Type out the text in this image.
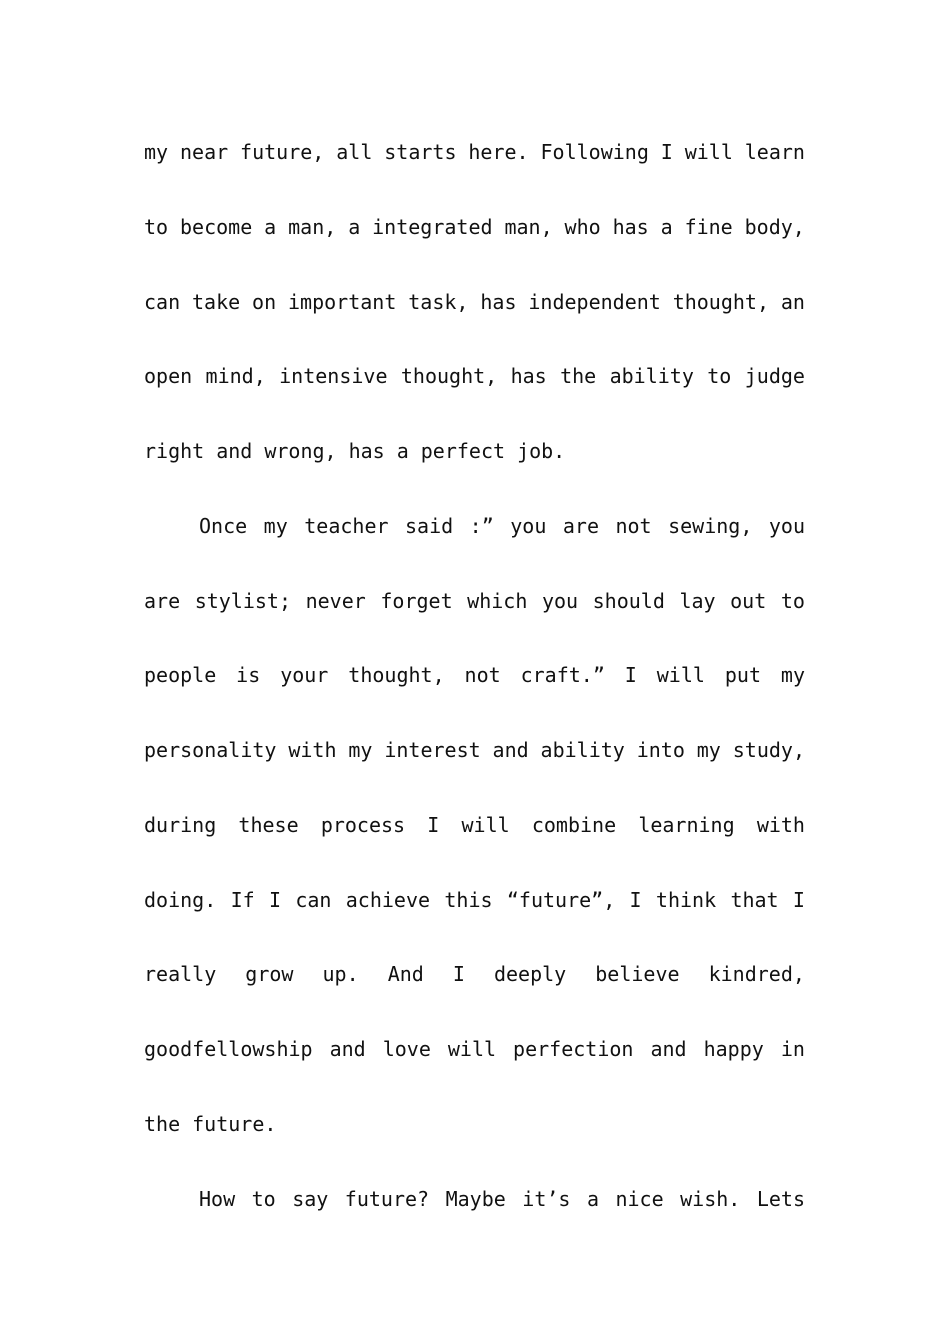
my near future, all starts here. Following I will learn
to become a man, a integrated man, who has a fine body,
can take on important task, has independent thought, an
open mind, intensive thought, has the ability to judge
right and wrong, has a perfect job.
Once my teacher said :” you are not sewing, you
are stylist; never forget which you should lay out to
people is your thought, not craft.” I will put my
personality with my interest and ability into my study,
during these process I will combine learning with
doing. If I can achieve this “future”, I think that I
really grow up. And I deeply believe kindred,
goodfellowship and love will perfection and happy in
the future.
How to say future? Maybe it’s a nice wish. Lets
